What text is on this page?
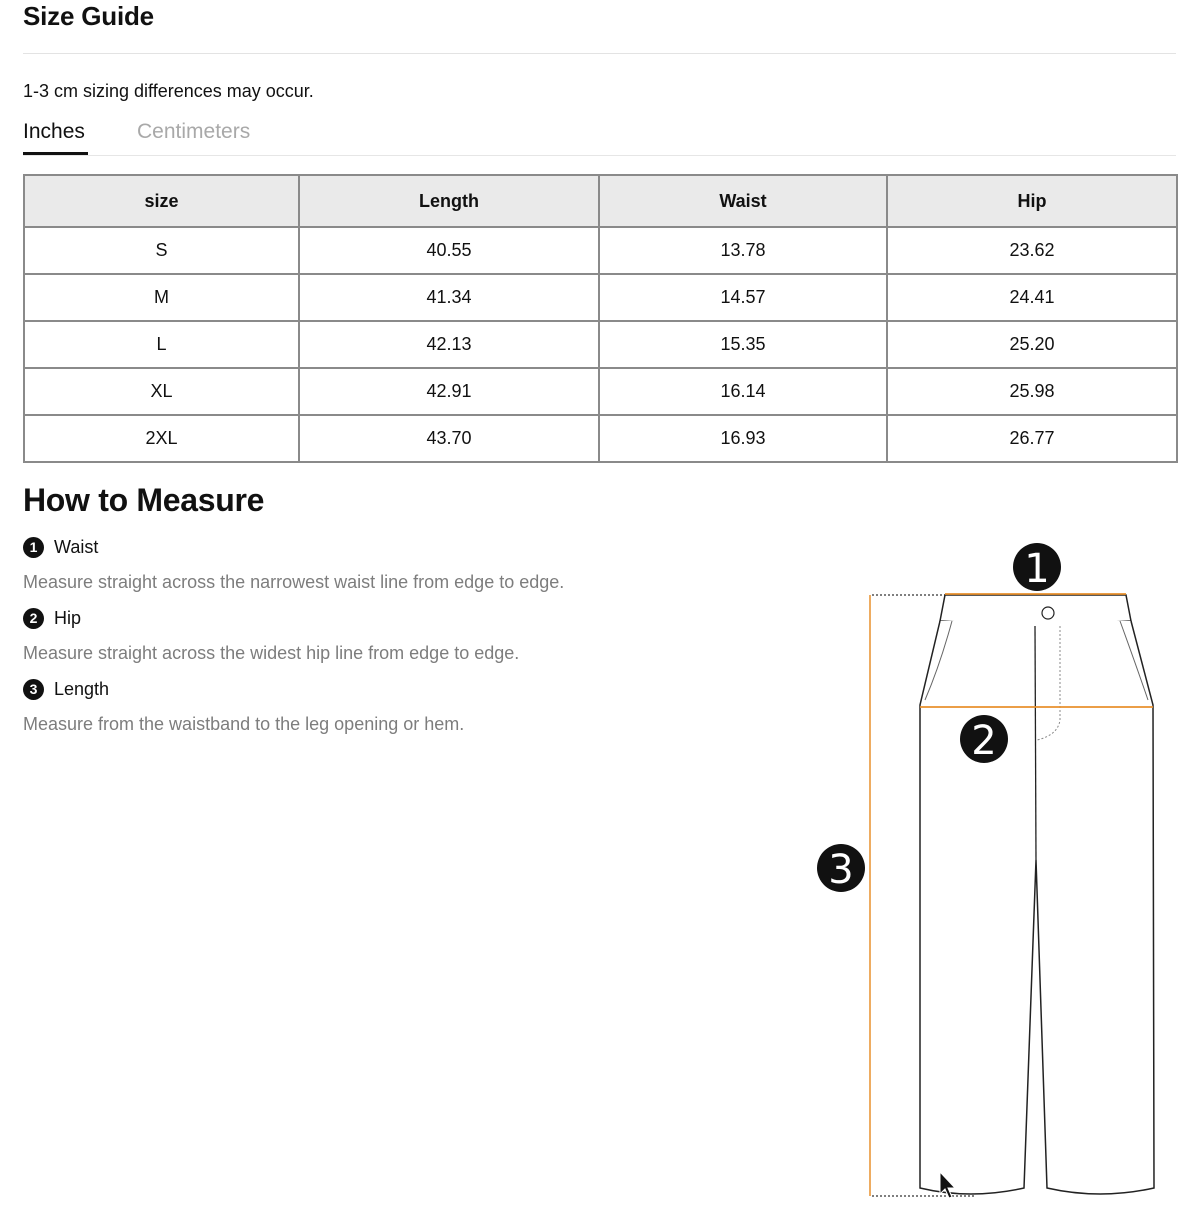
Size Guide
1-3 cm sizing differences may occur.
Inches Centimeters
size	Length	Waist	Hip
S	40.55	13.78	23.62
M	41.34	14.57	24.41
L	42.13	15.35	25.20
XL	42.91	16.14	25.98
2XL	43.70	16.93	26.77
How to Measure
1 Waist
Measure straight across the narrowest waist line from edge to edge.
2 Hip
Measure straight across the widest hip line from edge to edge.
3 Length
Measure from the waistband to the leg opening or hem.
1
2
3
